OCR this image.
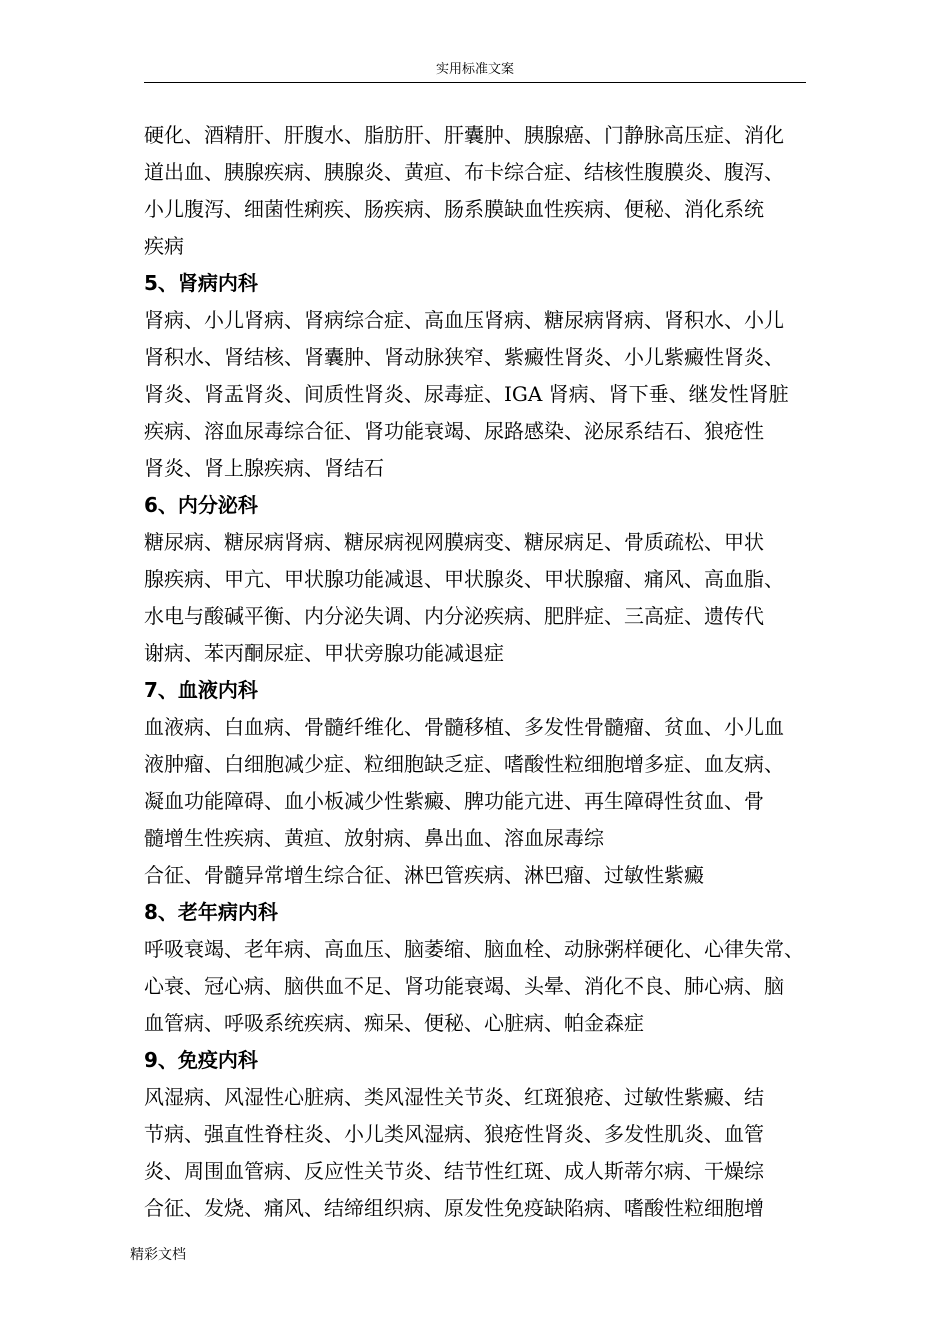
实用标准文案

硬化、酒精肝、肝腹水、脂肪肝、肝囊肿、胰腺癌、门静脉高压症、消化

道出血、胰腺疾病、胰腺炎、黄疸、布卡综合症、结核性腹膜炎、腹泻、

小儿腹泻、细菌性痢疾、肠疾病、肠系膜缺血性疾病、便秘、消化系统

疾病

5、肾病内科

肾病、小儿肾病、肾病综合症、高血压肾病、糖尿病肾病、肾积水、小儿

肾积水、肾结核、肾囊肿、肾动脉狭窄、紫癜性肾炎、小儿紫癜性肾炎、

肾炎、肾盂肾炎、间质性肾炎、尿毒症、IGA 肾病、肾下垂、继发性肾脏

疾病、溶血尿毒综合征、肾功能衰竭、尿路感染、泌尿系结石、狼疮性

肾炎、肾上腺疾病、肾结石

6、内分泌科

糖尿病、糖尿病肾病、糖尿病视网膜病变、糖尿病足、骨质疏松、甲状

腺疾病、甲亢、甲状腺功能减退、甲状腺炎、甲状腺瘤、痛风、高血脂、

水电与酸碱平衡、内分泌失调、内分泌疾病、肥胖症、三高症、遗传代

谢病、苯丙酮尿症、甲状旁腺功能减退症

7、血液内科

血液病、白血病、骨髓纤维化、骨髓移植、多发性骨髓瘤、贫血、小儿血

液肿瘤、白细胞减少症、粒细胞缺乏症、嗜酸性粒细胞增多症、血友病、

凝血功能障碍、血小板减少性紫癜、脾功能亢进、再生障碍性贫血、骨

髓增生性疾病、黄疸、放射病、鼻出血、溶血尿毒综

合征、骨髓异常增生综合征、淋巴管疾病、淋巴瘤、过敏性紫癜

8、老年病内科

呼吸衰竭、老年病、高血压、脑萎缩、脑血栓、动脉粥样硬化、心律失常、

心衰、冠心病、脑供血不足、肾功能衰竭、头晕、消化不良、肺心病、脑

血管病、呼吸系统疾病、痴呆、便秘、心脏病、帕金森症

9、免疫内科

风湿病、风湿性心脏病、类风湿性关节炎、红斑狼疮、过敏性紫癜、结

节病、强直性脊柱炎、小儿类风湿病、狼疮性肾炎、多发性肌炎、血管

炎、周围血管病、反应性关节炎、结节性红斑、成人斯蒂尔病、干燥综

合征、发烧、痛风、结缔组织病、原发性免疫缺陷病、嗜酸性粒细胞增

精彩文档
